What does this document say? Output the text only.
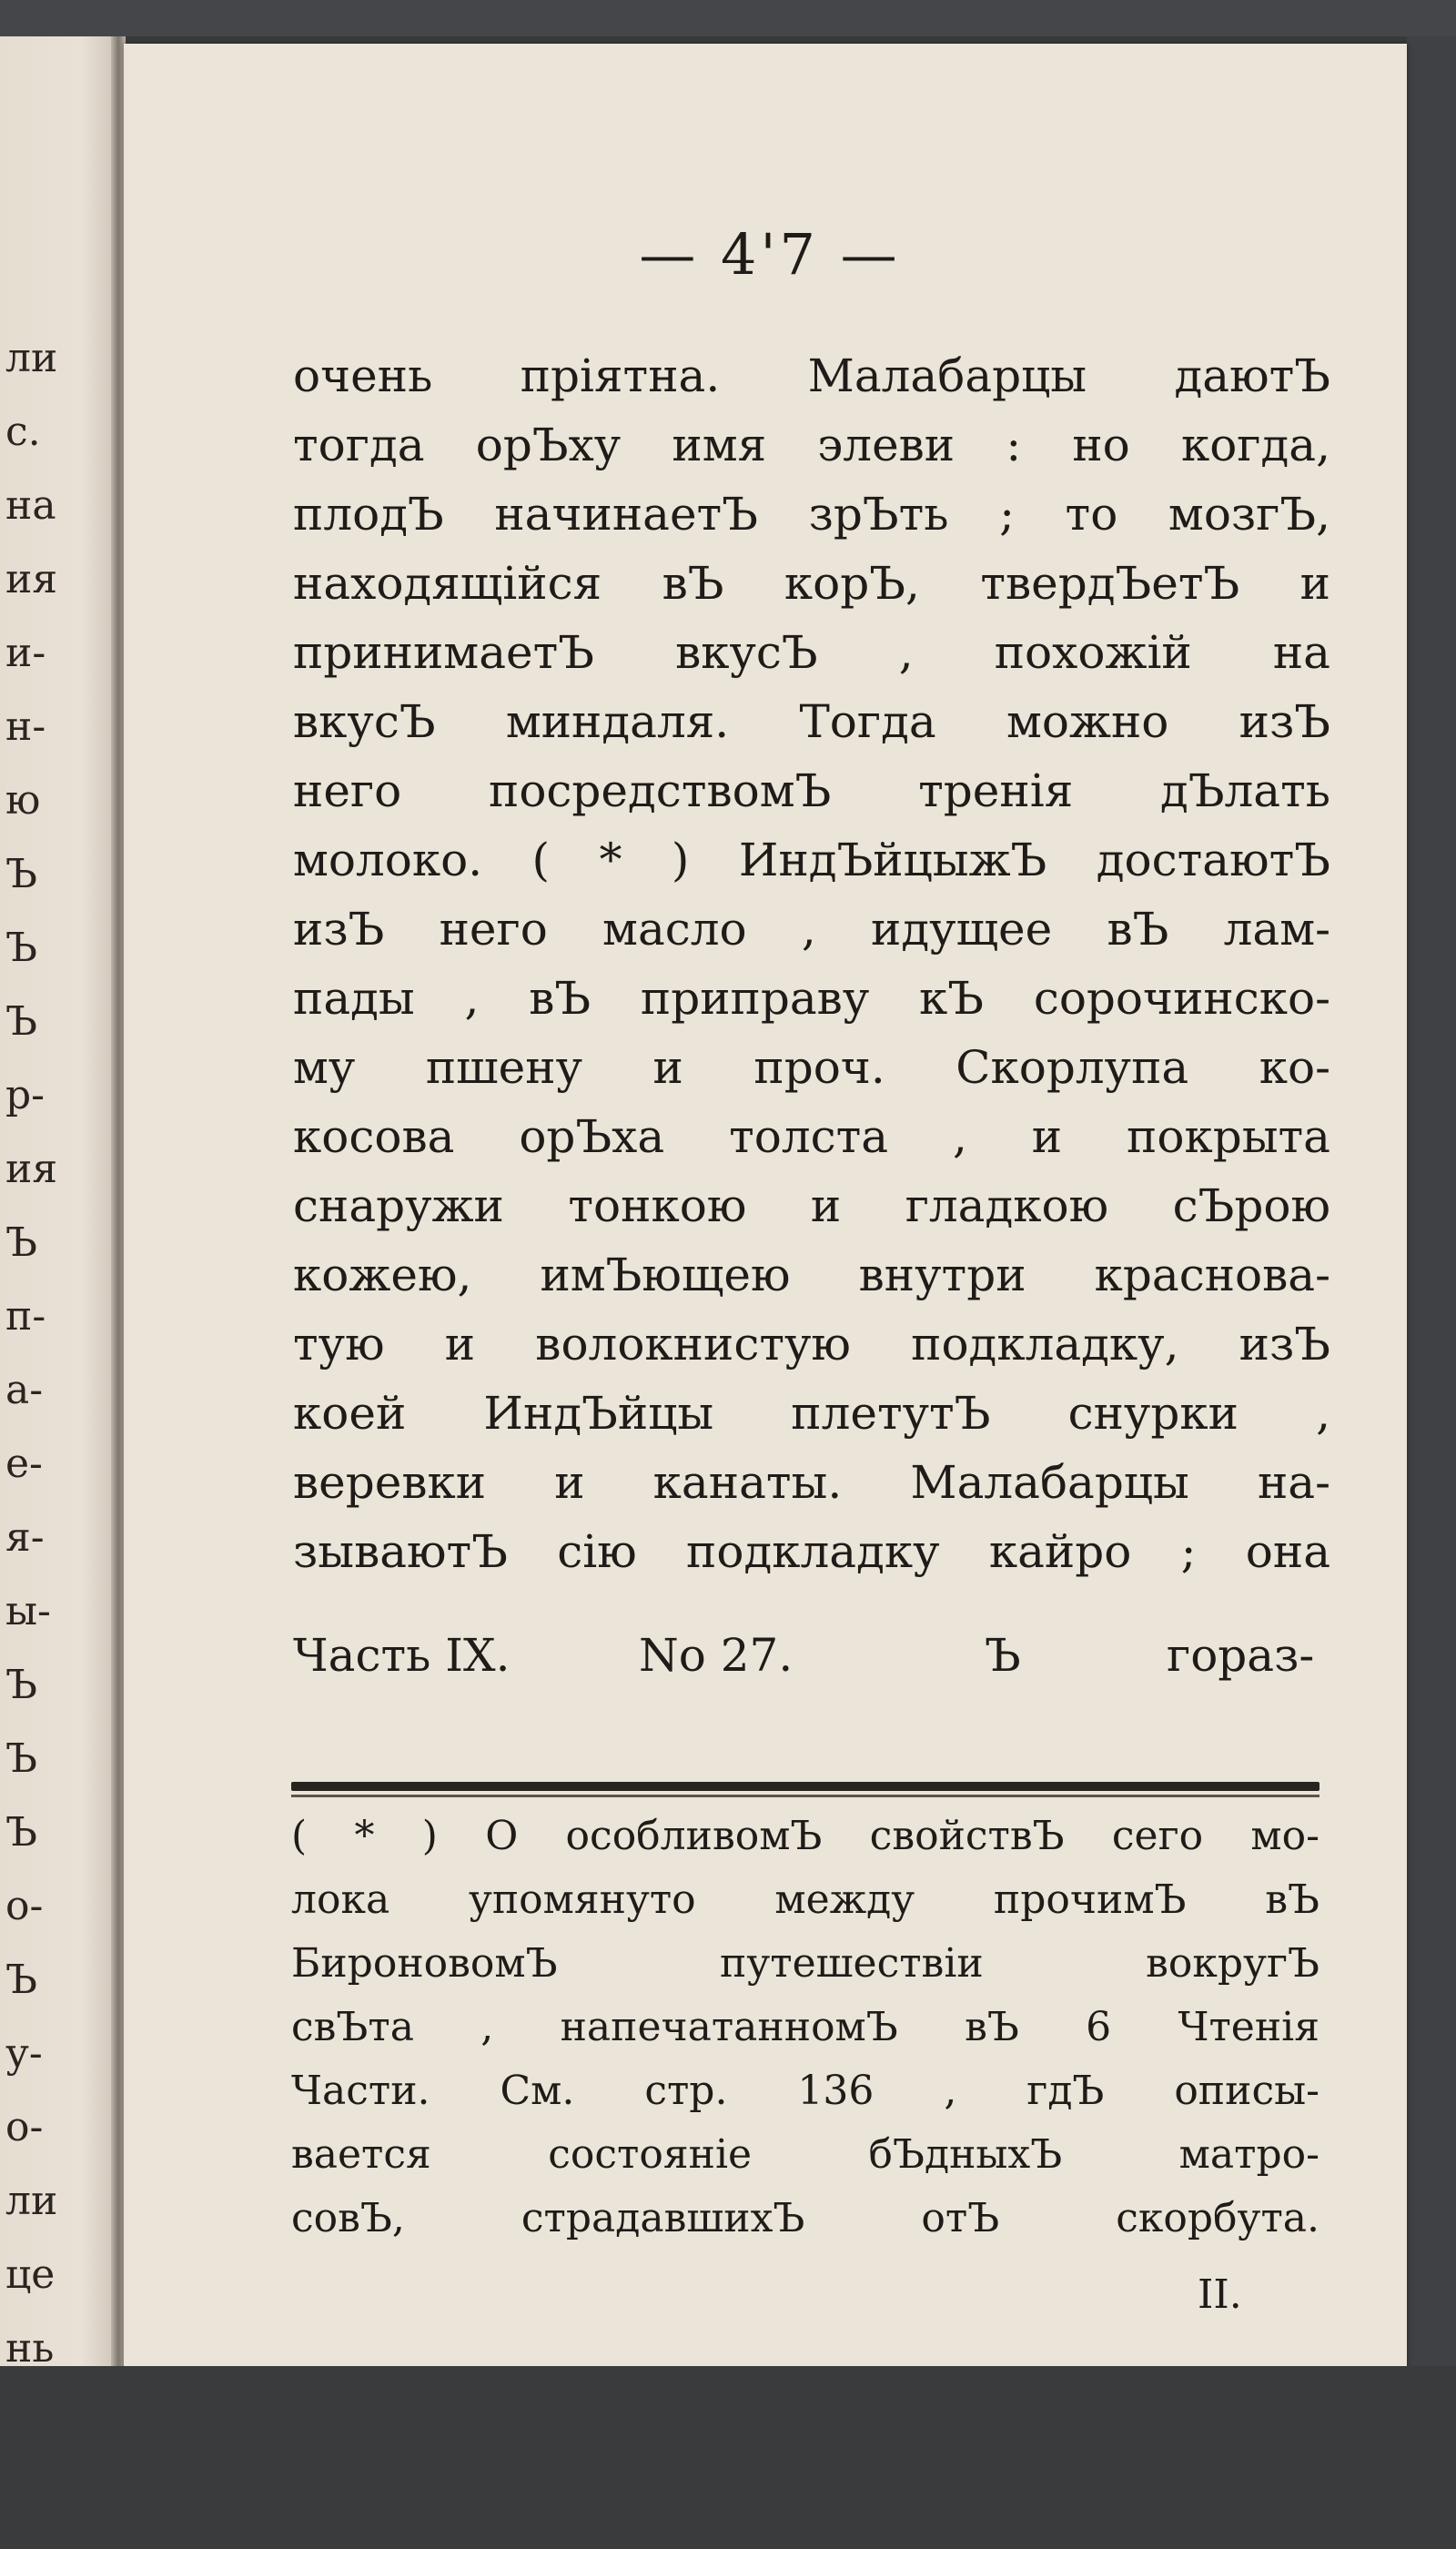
ли
с.
на
ия
и-
н-
ю
Ъ
Ъ
Ъ
р-
ия
Ъ
п-
а-
е-
я-
ы-
Ъ
Ъ
Ъ
о-
Ъ
у-
о-
ли
це
нь
— 4'7 —
очень пріятна. Малабарцы даютЪ
тогда орЪху имя элеви : но когда,
плодЪ начинаетЪ зрЪть ; то мозгЪ,
находящійся вЪ корЪ, твердЪетЪ и
принимаетЪ вкусЪ , похожій на
вкусЪ миндаля. Тогда можно изЪ
него посредствомЪ тренія дЪлать
молоко. ( * ) ИндЪйцыжЪ достаютЪ
изЪ него масло , идущее вЪ лам-
пады , вЪ приправу кЪ сорочинско-
му пшену и проч. Скорлупа ко-
косова орЪха толста , и покрыта
снаружи тонкою и гладкою сЪрою
кожею, имЪющею внутри краснова-
тую и волокнистую подкладку, изЪ
коей ИндЪйцы плетутЪ снурки ,
веревки и канаты. Малабарцы на-
зываютЪ сію подкладку кайро ; она
Часть IX.	No 27.	Ъ	гораз-
( * ) О особливомЪ свойствЪ сего мо-
лока упомянуто между прочимЪ вЪ
БироновомЪ путешествіи вокругЪ
свЪта , напечатанномЪ вЪ 6 Чтенія
Части. См. стр. 136 , гдЪ описы-
вается состояніе бЪдныхЪ матро-
совЪ, страдавшихЪ отЪ скорбута.
II.
